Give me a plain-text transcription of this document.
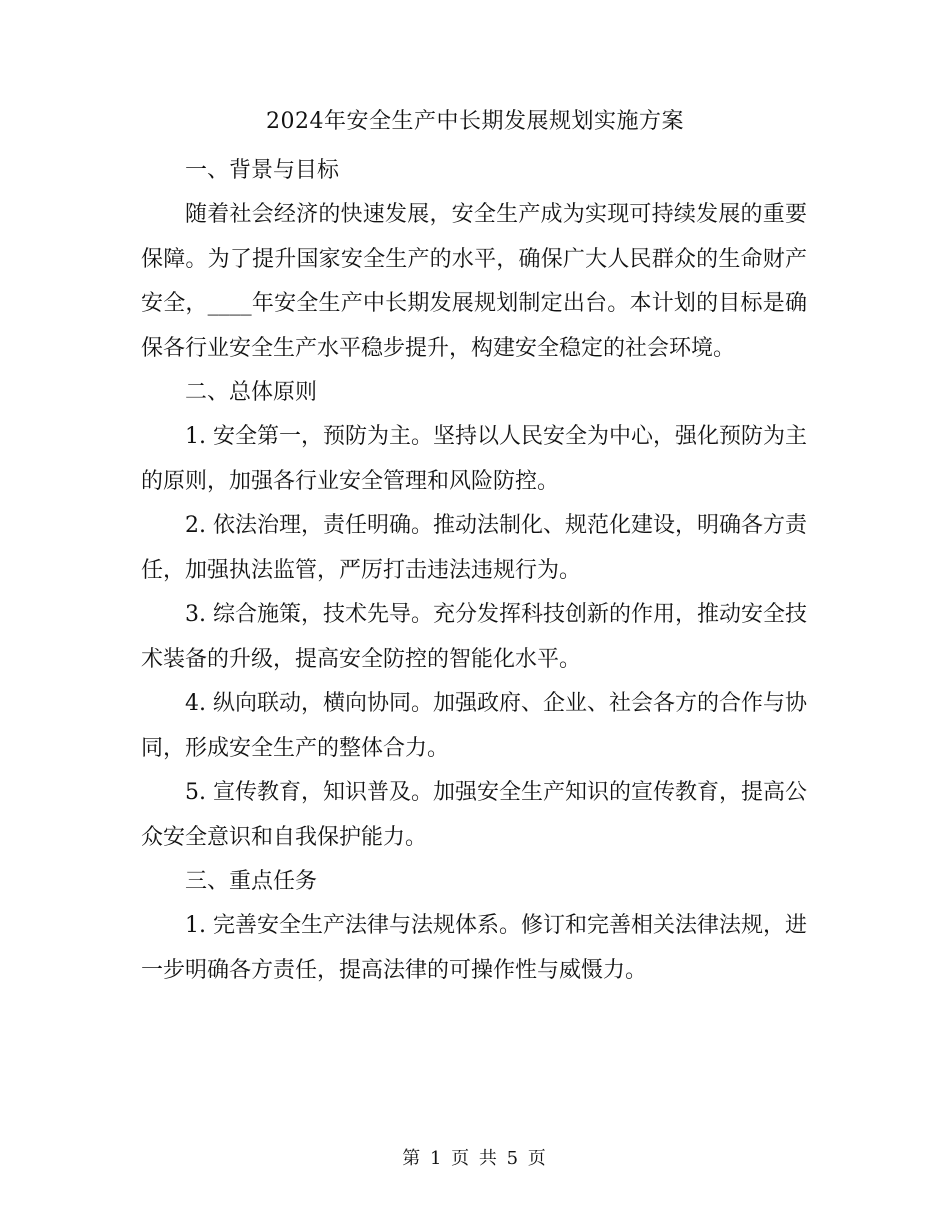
2024年安全生产中长期发展规划实施方案
一、背景与目标

随着社会经济的快速发展，安全生产成为实现可持续发展的重要保障。为了提升国家安全生产的水平，确保广大人民群众的生命财产安全，____年安全生产中长期发展规划制定出台。本计划的目标是确保各行业安全生产水平稳步提升，构建安全稳定的社会环境。

二、总体原则

1. 安全第一，预防为主。坚持以人民安全为中心，强化预防为主的原则，加强各行业安全管理和风险防控。

2. 依法治理，责任明确。推动法制化、规范化建设，明确各方责任，加强执法监管，严厉打击违法违规行为。

3. 综合施策，技术先导。充分发挥科技创新的作用，推动安全技术装备的升级，提高安全防控的智能化水平。

4. 纵向联动，横向协同。加强政府、企业、社会各方的合作与协同，形成安全生产的整体合力。

5. 宣传教育，知识普及。加强安全生产知识的宣传教育，提高公众安全意识和自我保护能力。

三、重点任务

1. 完善安全生产法律与法规体系。修订和完善相关法律法规，进一步明确各方责任，提高法律的可操作性与威慑力。

第 1 页 共 5 页
